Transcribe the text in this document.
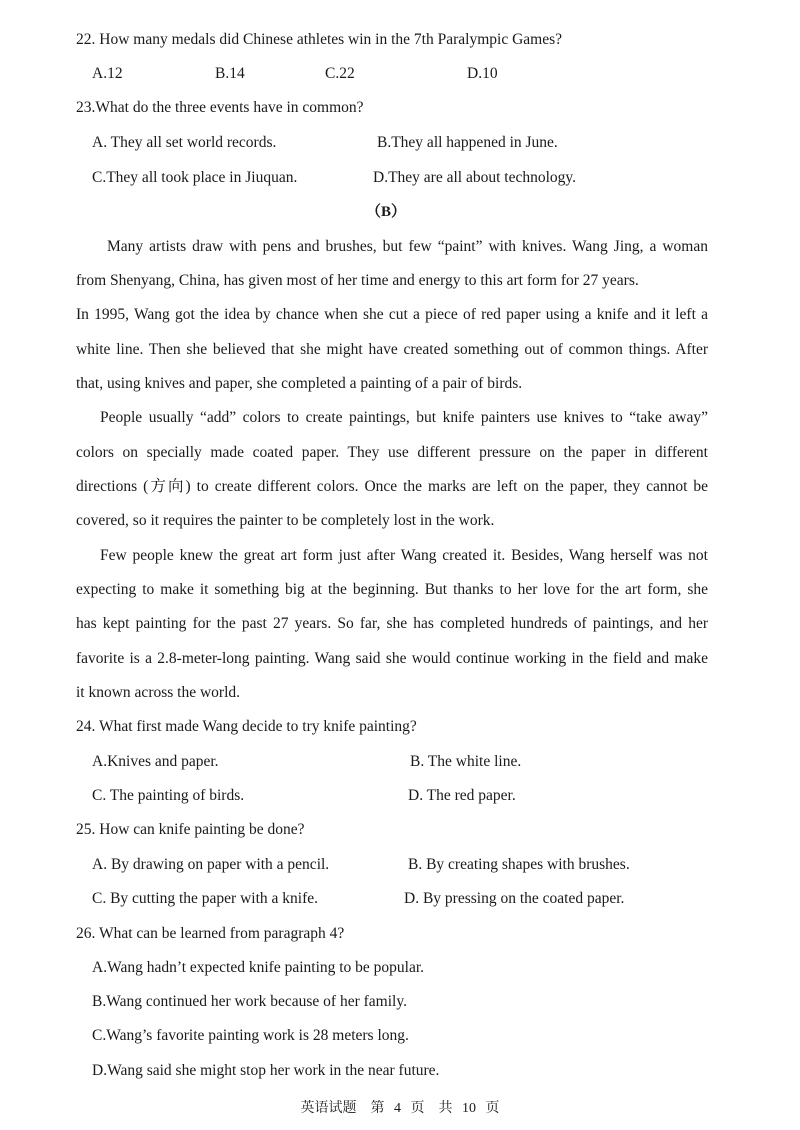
22. How many medals did Chinese athletes win in the 7th Paralympic Games?
A.12	B.14	C.22	D.10
23.What do the three events have in common?
A. They all set world records.	B.They all happened in June.
C.They all took place in Jiuquan.	D.They are all about technology.
（B）
Many artists draw with pens and brushes, but few “paint” with knives. Wang Jing, a woman
from Shenyang, China, has given most of her time and energy to this art form for 27 years.
In 1995, Wang got the idea by chance when she cut a piece of red paper using a knife and it left a
white line. Then she believed that she might have created something out of common things. After
that, using knives and paper, she completed a painting of a pair of birds.
People usually “add” colors to create paintings, but knife painters use knives to “take away”
colors on specially made coated paper. They use different pressure on the paper in different
directions (方向) to create different colors. Once the marks are left on the paper, they cannot be
covered, so it requires the painter to be completely lost in the work.
Few people knew the great art form just after Wang created it. Besides, Wang herself was not
expecting to make it something big at the beginning. But thanks to her love for the art form, she
has kept painting for the past 27 years. So far, she has completed hundreds of paintings, and her
favorite is a 2.8-meter-long painting. Wang said she would continue working in the field and make
it known across the world.
24. What first made Wang decide to try knife painting?
A.Knives and paper.	B. The white line.
C. The painting of birds.	D. The red paper.
25. How can knife painting be done?
A. By drawing on paper with a pencil.	B. By creating shapes with brushes.
C. By cutting the paper with a knife.	D. By pressing on the coated paper.
26. What can be learned from paragraph 4?
A.Wang hadn’t expected knife painting to be popular.
B.Wang continued her work because of her family.
C.Wang’s favorite painting work is 28 meters long.
D.Wang said she might stop her work in the near future.
英语试题　第 4 页　共 10 页
